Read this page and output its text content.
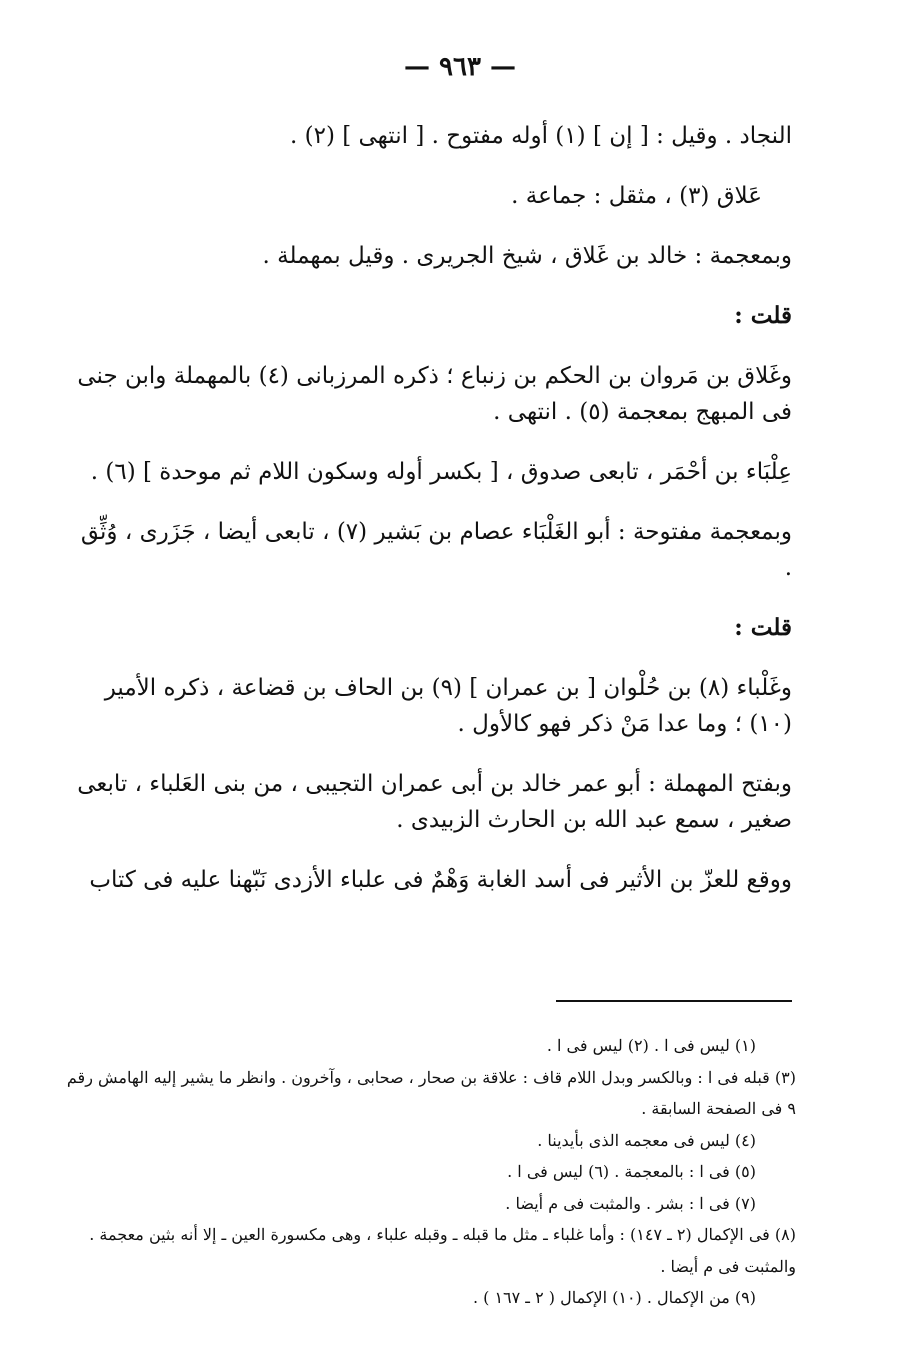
— ٩٦٣ —

النجاد . وقيل : [ إن ] (١) أوله مفتوح . [ انتهى ] (٢) .

عَلاق (٣) ، مثقل : جماعة .

وبمعجمة : خالد بن غَلاق ، شيخ الجريرى . وقيل بمهملة .

قلت :

وغَلاق بن مَروان بن الحكم بن زنباع ؛ ذكره المرزبانى (٤) بالمهملة وابن جنى فى المبهج بمعجمة (٥) . انتهى .

عِلْبَاء بن أحْمَر ، تابعى صدوق ، [ بكسر أوله وسكون اللام ثم موحدة ] (٦) .

وبمعجمة مفتوحة : أبو الغَلْبَاء عصام بن بَشير (٧) ، تابعى أيضا ، جَزَرى ، وُثِّق .

قلت :

وغَلْباء (٨) بن حُلْوان [ بن عمران ] (٩) بن الحاف بن قضاعة ، ذكره الأمير (١٠) ؛ وما عدا مَنْ ذكر فهو كالأول .

وبفتح المهملة : أبو عمر خالد بن أبى عمران التجيبى ، من بنى العَلباء ، تابعى صغير ، سمع عبد الله بن الحارث الزبيدى .

ووقع للعزّ بن الأثير فى أسد الغابة وَهْمٌ فى علباء الأزدى نَبّهنا عليه فى كتاب

(١) ليس فى ا . (٢) ليس فى ا .

(٣) قبله فى ا : وبالكسر وبدل اللام قاف : علاقة بن صحار ، صحابى ، وآخرون . وانظر ما يشير إليه الهامش رقم ٩ فى الصفحة السابقة .

(٤) ليس فى معجمه الذى بأيدينا .

(٥) فى ا : بالمعجمة . (٦) ليس فى ا .

(٧) فى ا : بشر . والمثبت فى م أيضا .

(٨) فى الإكمال (٢ ـ ١٤٧) : وأما غلباء ـ مثل ما قبله ـ وقبله علباء ، وهى مكسورة العين ـ إلا أنه بثين معجمة . والمثبت فى م أيضا .

(٩) من الإكمال . (١٠) الإكمال ( ٢ ـ ١٦٧ ) .
